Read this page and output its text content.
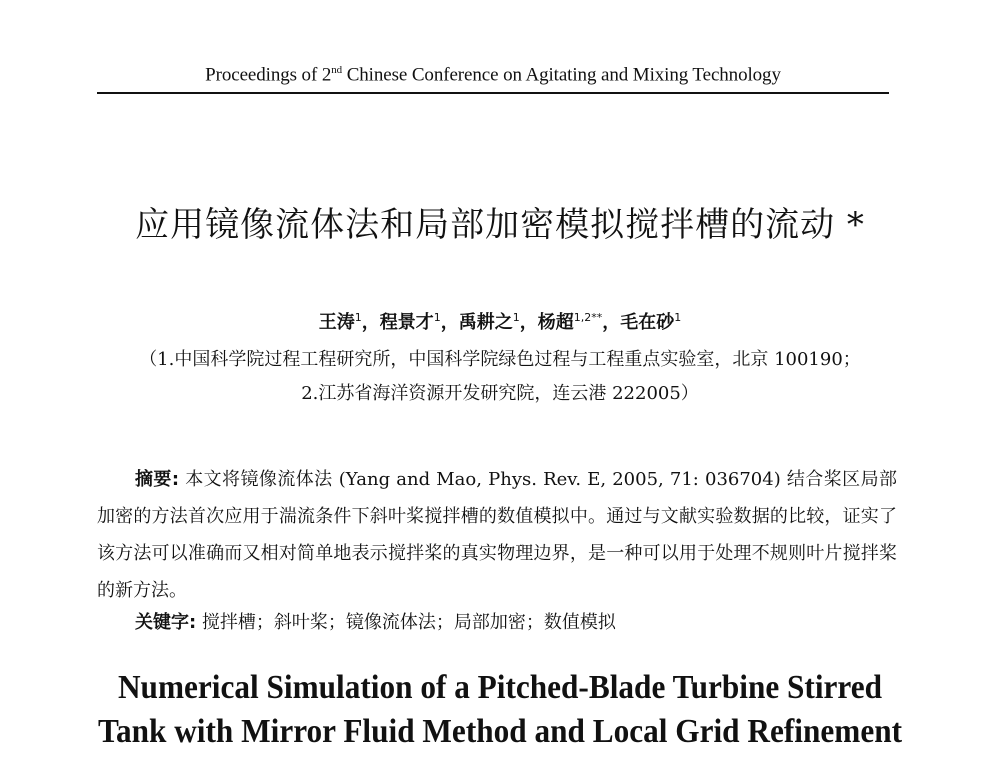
Proceedings of 2nd Chinese Conference on Agitating and Mixing Technology
应用镜像流体法和局部加密模拟搅拌槽的流动 *
王涛$^1$，程景才$^1$，禹耕之$^1$，杨超$^{1,2**}$，毛在砂$^1$
（1.中国科学院过程工程研究所，中国科学院绿色过程与工程重点实验室，北京 100190；
2.江苏省海洋资源开发研究院，连云港 222005）
摘要: 本文将镜像流体法 (Yang and Mao, Phys. Rev. E, 2005, 71: 036704) 结合桨区局部加密的方法首次应用于湍流条件下斜叶桨搅拌槽的数值模拟中。通过与文献实验数据的比较，证实了该方法可以准确而又相对简单地表示搅拌桨的真实物理边界，是一种可以用于处理不规则叶片搅拌桨的新方法。
关键字: 搅拌槽；斜叶桨；镜像流体法；局部加密；数值模拟
Numerical Simulation of a Pitched-Blade Turbine Stirred
Tank with Mirror Fluid Method and Local Grid Refinement
